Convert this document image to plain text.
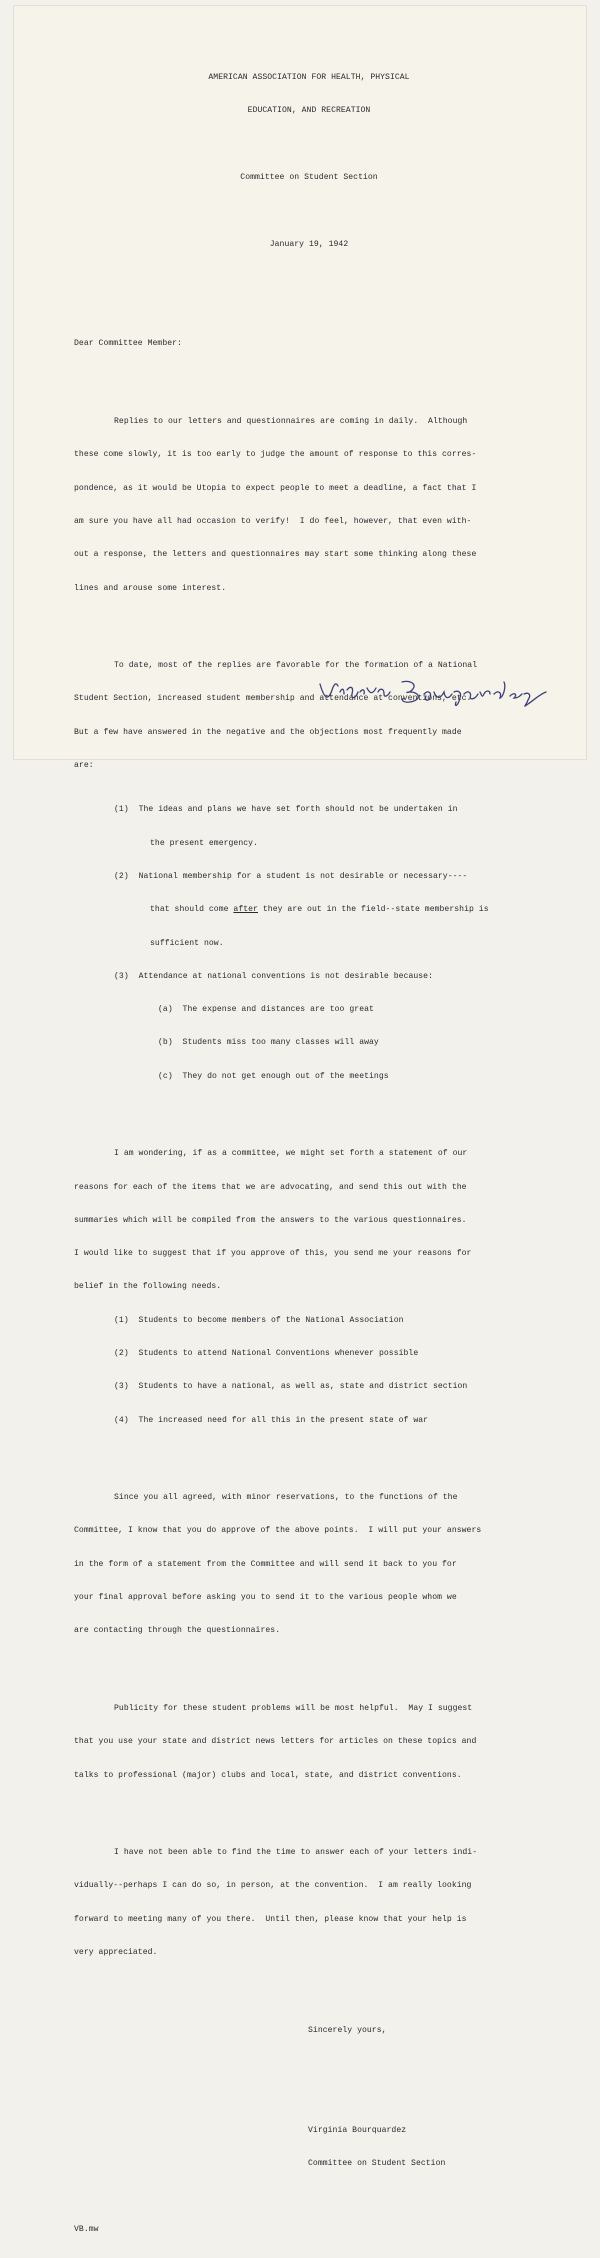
AMERICAN ASSOCIATION FOR HEALTH, PHYSICAL

EDUCATION, AND RECREATION

Committee on Student Section

January 19, 1942

Dear Committee Member:

Replies to our letters and questionnaires are coming in daily.  Although

these come slowly, it is too early to judge the amount of response to this corres-

pondence, as it would be Utopia to expect people to meet a deadline, a fact that I

am sure you have all had occasion to verify!  I do feel, however, that even with-

out a response, the letters and questionnaires may start some thinking along these

lines and arouse some interest.

To date, most of the replies are favorable for the formation of a National

Student Section, increased student membership and attendance at conventions, etc.

But a few have answered in the negative and the objections most frequently made

are:

(1) The ideas and plans we have set forth should not be undertaken in

the present emergency.

(2) National membership for a student is not desirable or necessary----

that should come after they are out in the field--state membership is

sufficient now.

(3) Attendance at national conventions is not desirable because:

(a)  The expense and distances are too great

(b)  Students miss too many classes will away

(c)  They do not get enough out of the meetings

I am wondering, if as a committee, we might set forth a statement of our

reasons for each of the items that we are advocating, and send this out with the

summaries which will be compiled from the answers to the various questionnaires.

I would like to suggest that if you approve of this, you send me your reasons for

belief in the following needs.

(1)  Students to become members of the National Association

(2)  Students to attend National Conventions whenever possible

(3)  Students to have a national, as well as, state and district section

(4)  The increased need for all this in the present state of war

Since you all agreed, with minor reservations, to the functions of the

Committee, I know that you do approve of the above points.  I will put your answers

in the form of a statement from the Committee and will send it back to you for

your final approval before asking you to send it to the various people whom we

are contacting through the questionnaires.

Publicity for these student problems will be most helpful.  May I suggest

that you use your state and district news letters for articles on these topics and

talks to professional (major) clubs and local, state, and district conventions.

I have not been able to find the time to answer each of your letters indi-

vidually--perhaps I can do so, in person, at the convention.  I am really looking

forward to meeting many of you there.  Until then, please know that your help is

very appreciated.

Sincerely yours,

Virginia Bourquardez

Committee on Student Section

VB.mw
